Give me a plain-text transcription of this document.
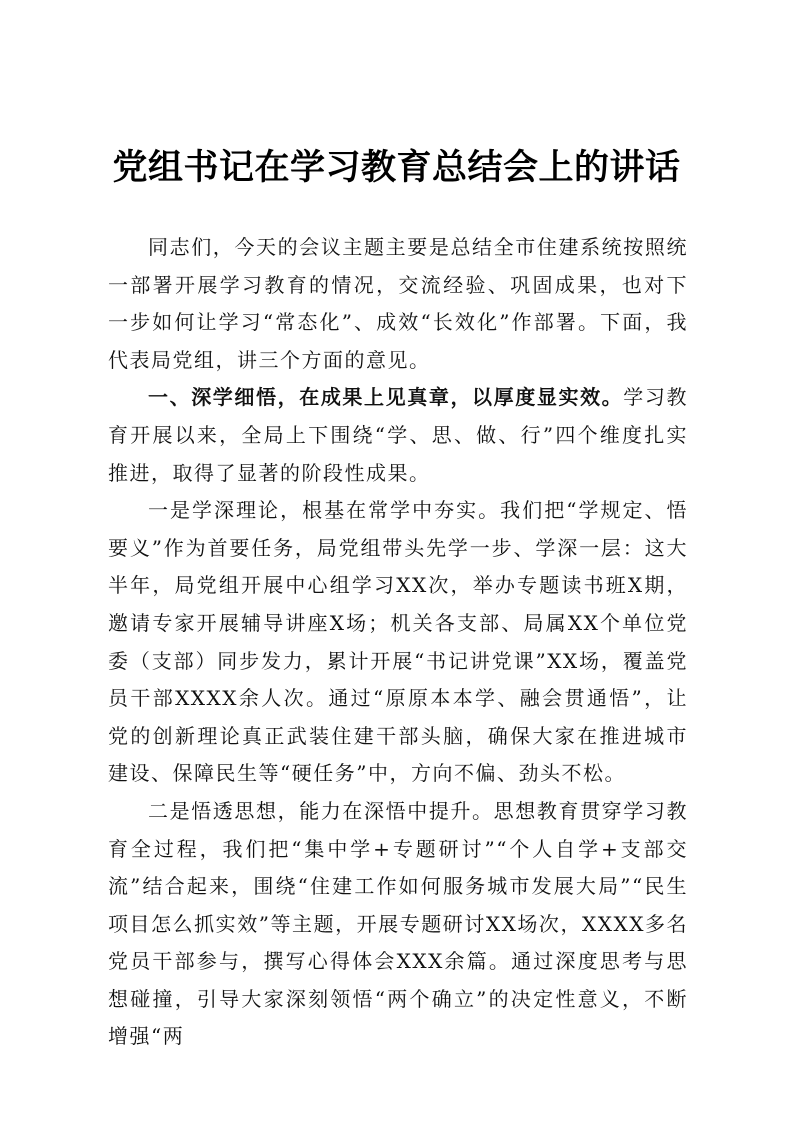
党组书记在学习教育总结会上的讲话

同志们，今天的会议主题主要是总结全市住建系统按照统一部署开展学习教育的情况，交流经验、巩固成果，也对下一步如何让学习“常态化”、成效“长效化”作部署。下面，我代表局党组，讲三个方面的意见。

一、深学细悟，在成果上见真章，以厚度显实效。学习教育开展以来，全局上下围绕“学、思、做、行”四个维度扎实推进，取得了显著的阶段性成果。

一是学深理论，根基在常学中夯实。我们把“学规定、悟要义”作为首要任务，局党组带头先学一步、学深一层：这大半年，局党组开展中心组学习XX次，举办专题读书班X期，邀请专家开展辅导讲座X场；机关各支部、局属XX个单位党委（支部）同步发力，累计开展“书记讲党课”XX场，覆盖党员干部XXXX余人次。通过“原原本本学、融会贯通悟”，让党的创新理论真正武装住建干部头脑，确保大家在推进城市建设、保障民生等“硬任务”中，方向不偏、劲头不松。

二是悟透思想，能力在深悟中提升。思想教育贯穿学习教育全过程，我们把“集中学+专题研讨”“个人自学+支部交流”结合起来，围绕“住建工作如何服务城市发展大局”“民生项目怎么抓实效”等主题，开展专题研讨XX场次，XXXX多名党员干部参与，撰写心得体会XXX余篇。通过深度思考与思想碰撞，引导大家深刻领悟“两个确立”的决定性意义，不断增强“两
